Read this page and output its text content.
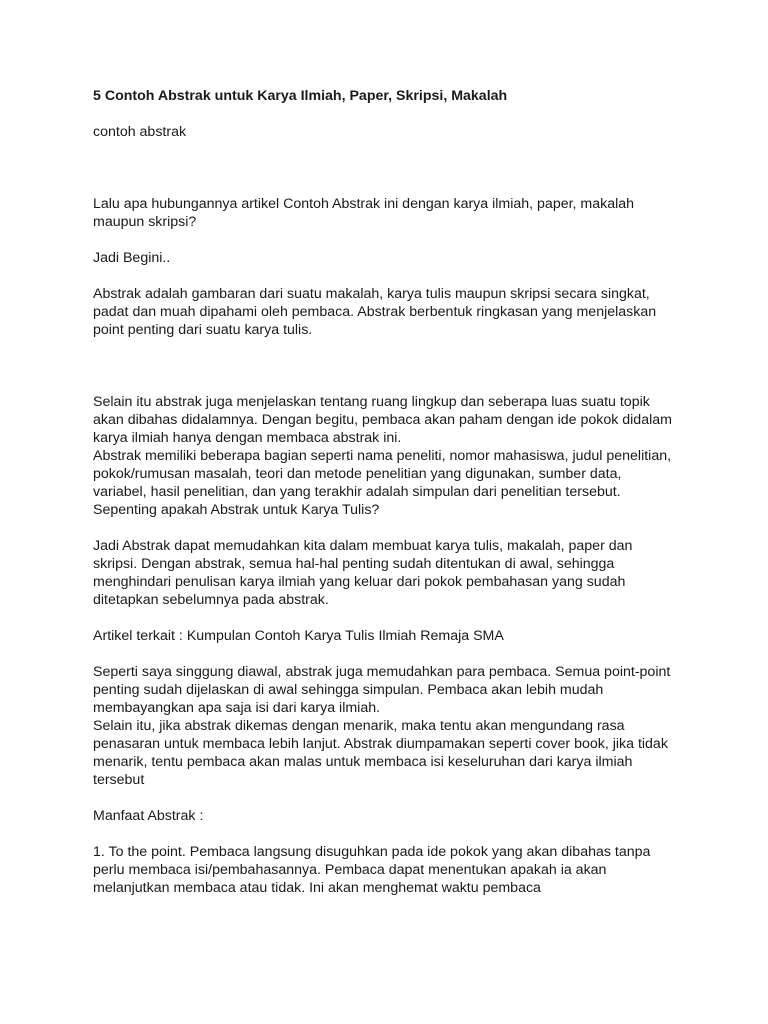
5 Contoh Abstrak untuk Karya Ilmiah, Paper, Skripsi, Makalah
contoh abstrak
Lalu apa hubungannya artikel Contoh Abstrak ini dengan karya ilmiah, paper, makalah
maupun skripsi?
Jadi Begini..
Abstrak adalah gambaran dari suatu makalah, karya tulis maupun skripsi secara singkat,
padat dan muah dipahami oleh pembaca. Abstrak berbentuk ringkasan yang menjelaskan
point penting dari suatu karya tulis.
Selain itu abstrak juga menjelaskan tentang ruang lingkup dan seberapa luas suatu topik
akan dibahas didalamnya. Dengan begitu, pembaca akan paham dengan ide pokok didalam
karya ilmiah hanya dengan membaca abstrak ini.
Abstrak memiliki beberapa bagian seperti nama peneliti, nomor mahasiswa, judul penelitian,
pokok/rumusan masalah, teori dan metode penelitian yang digunakan, sumber data,
variabel, hasil penelitian, dan yang terakhir adalah simpulan dari penelitian tersebut.
Sepenting apakah Abstrak untuk Karya Tulis?
Jadi Abstrak dapat memudahkan kita dalam membuat karya tulis, makalah, paper dan
skripsi. Dengan abstrak, semua hal-hal penting sudah ditentukan di awal, sehingga
menghindari penulisan karya ilmiah yang keluar dari pokok pembahasan yang sudah
ditetapkan sebelumnya pada abstrak.
Artikel terkait : Kumpulan Contoh Karya Tulis Ilmiah Remaja SMA
Seperti saya singgung diawal, abstrak juga memudahkan para pembaca. Semua point-point
penting sudah dijelaskan di awal sehingga simpulan. Pembaca akan lebih mudah
membayangkan apa saja isi dari karya ilmiah.
Selain itu, jika abstrak dikemas dengan menarik, maka tentu akan mengundang rasa
penasaran untuk membaca lebih lanjut. Abstrak diumpamakan seperti cover book, jika tidak
menarik, tentu pembaca akan malas untuk membaca isi keseluruhan dari karya ilmiah
tersebut
Manfaat Abstrak :
1. To the point. Pembaca langsung disuguhkan pada ide pokok yang akan dibahas tanpa
perlu membaca isi/pembahasannya. Pembaca dapat menentukan apakah ia akan
melanjutkan membaca atau tidak. Ini akan menghemat waktu pembaca
